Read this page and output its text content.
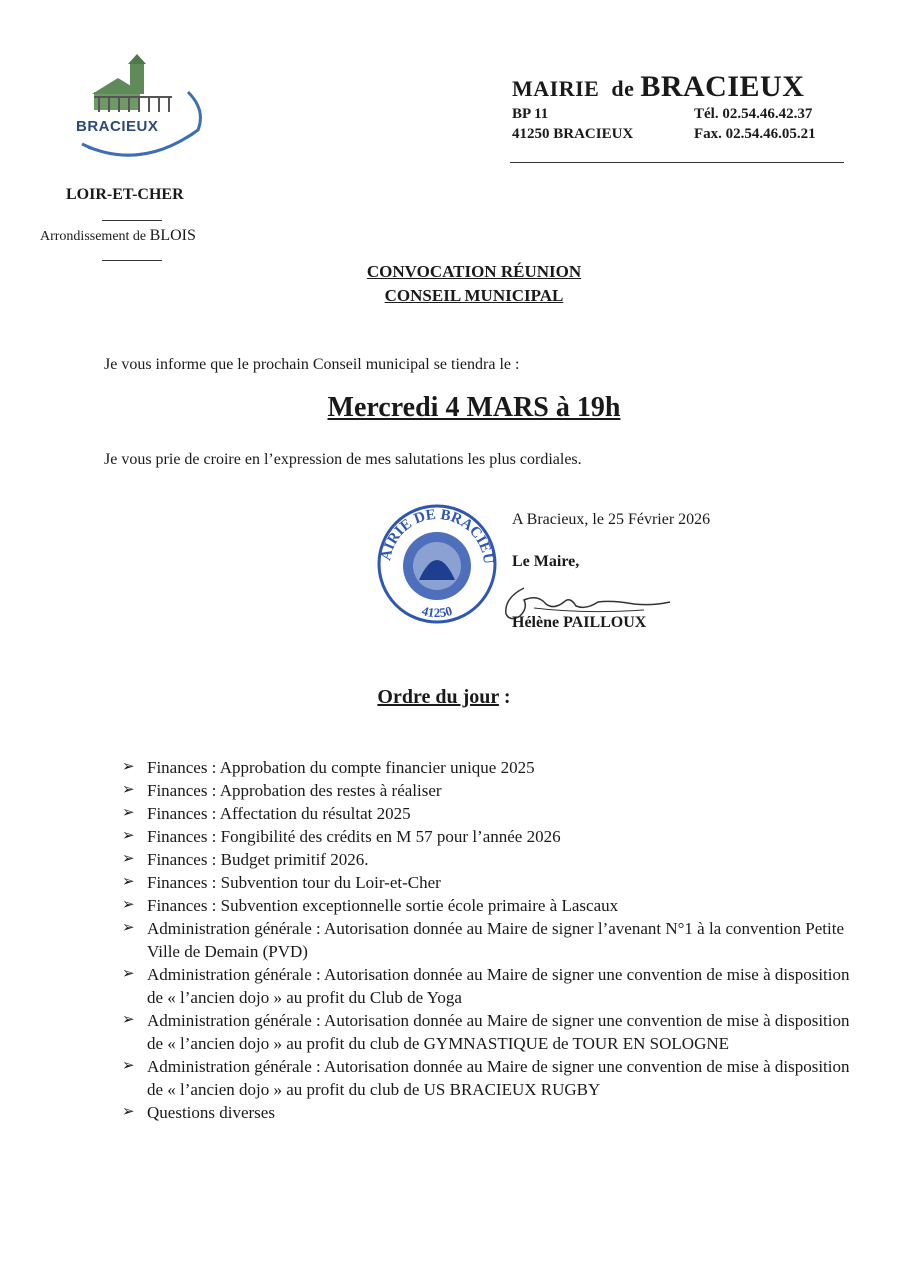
BRACIEUX
LOIR-ET-CHER
Arrondissement de BLOIS
MAIRIE  de BRACIEUX
BP 11	Tél. 02.54.46.42.37
41250 BRACIEUX	Fax. 02.54.46.05.21
CONVOCATION RÉUNION
CONSEIL MUNICIPAL
Je vous informe que le prochain Conseil municipal se tiendra le :
Mercredi 4 MARS à 19h
Je vous prie de croire en l’expression de mes salutations les plus cordiales.
AIRIE DE BRACIEU
41250
A Bracieux, le 25 Février 2026
Le Maire,
Hélène PAILLOUX
Ordre du jour :
➢ Finances : Approbation du compte financier unique 2025
➢ Finances : Approbation des restes à réaliser
➢ Finances : Affectation du résultat 2025
➢ Finances : Fongibilité des crédits en M 57 pour l’année 2026
➢ Finances : Budget primitif 2026.
➢ Finances : Subvention tour du Loir-et-Cher
➢ Finances : Subvention exceptionnelle sortie école primaire à Lascaux
➢ Administration générale : Autorisation donnée au Maire de signer l’avenant N°1 à la convention Petite Ville de Demain (PVD)
➢ Administration générale : Autorisation donnée au Maire de signer une convention de mise à disposition de « l’ancien dojo » au profit du Club de Yoga
➢ Administration générale : Autorisation donnée au Maire de signer une convention de mise à disposition de « l’ancien dojo » au profit du club de GYMNASTIQUE de TOUR EN SOLOGNE
➢ Administration générale : Autorisation donnée au Maire de signer une convention de mise à disposition de « l’ancien dojo » au profit du club de US BRACIEUX RUGBY
➢ Questions diverses
